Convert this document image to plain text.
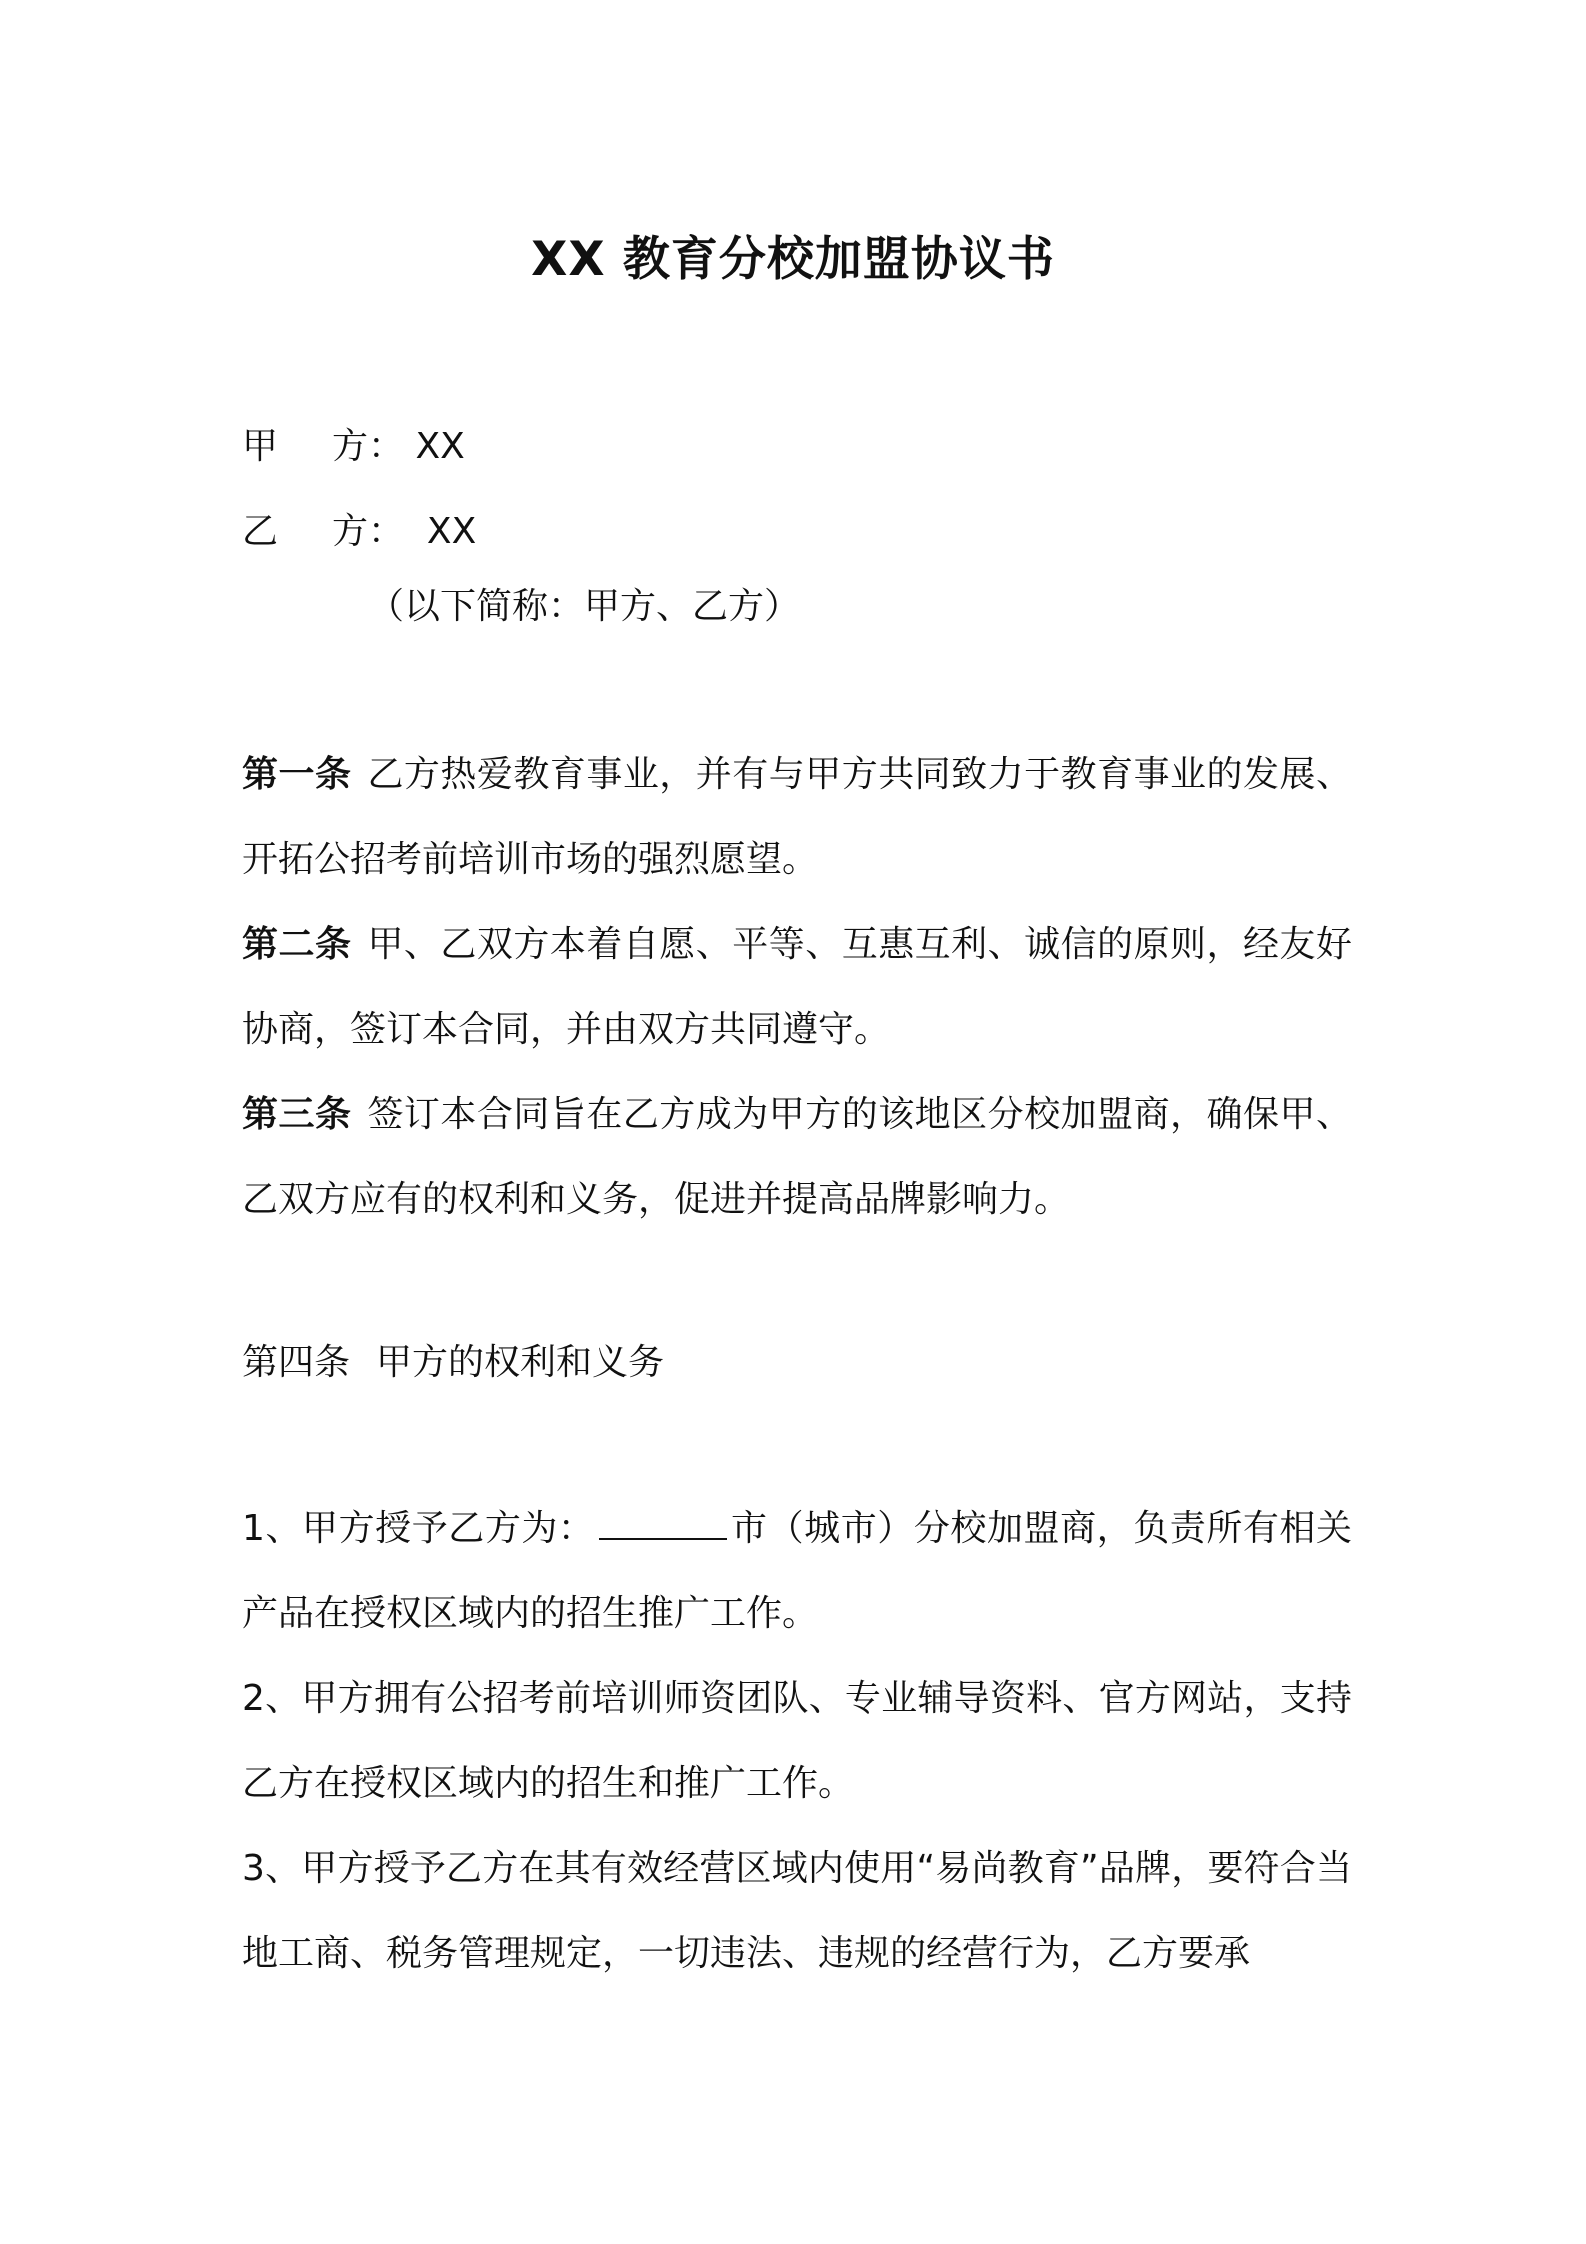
XX 教育分校加盟协议书
甲 方： XX
乙 方： XX
（以下简称：甲方、乙方）
第一条 乙方热爱教育事业，并有与甲方共同致力于教育事业的发展、开拓公招考前培训市场的强烈愿望。
第二条 甲、乙双方本着自愿、平等、互惠互利、诚信的原则，经友好协商，签订本合同，并由双方共同遵守。
第三条 签订本合同旨在乙方成为甲方的该地区分校加盟商，确保甲、乙双方应有的权利和义务，促进并提高品牌影响力。
第四条 甲方的权利和义务
1、甲方授予乙方为：	市（城市）分校加盟商，负责所有相关产品在授权区域内的招生推广工作。
2、甲方拥有公招考前培训师资团队、专业辅导资料、官方网站，支持乙方在授权区域内的招生和推广工作。
3、甲方授予乙方在其有效经营区域内使用“易尚教育”品牌，要符合当地工商、税务管理规定，一切违法、违规的经营行为，乙方要承
